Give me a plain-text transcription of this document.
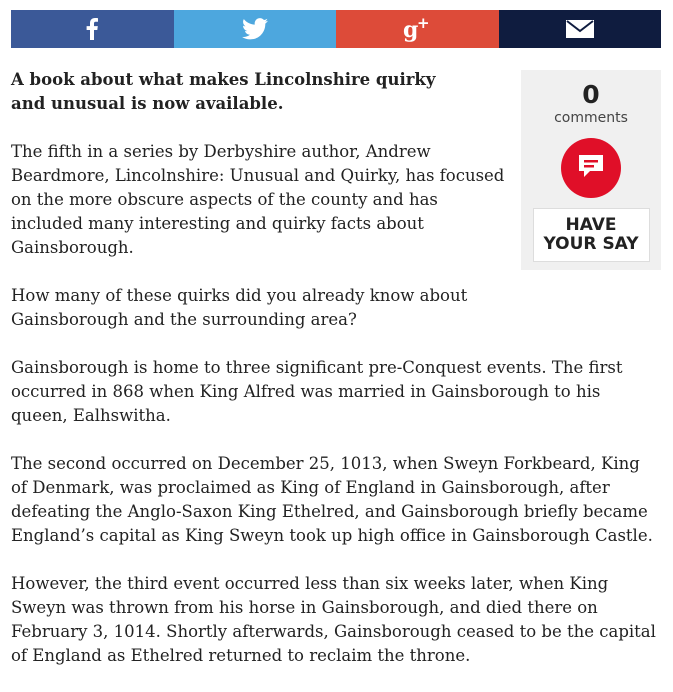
g
+
0
comments
HAVE
YOUR SAY

A book about what makes Lincolnshire quirky and unusual is now available.

The fifth in a series by Derbyshire author, Andrew Beardmore, Lincolnshire: Unusual and Quirky, has focused on the more obscure aspects of the county and has included many interesting and quirky facts about Gainsborough.

How many of these quirks did you already know about Gainsborough and the surrounding area?

Gainsborough is home to three significant pre-Conquest events. The first occurred in 868 when King Alfred was married in Gainsborough to his queen, Ealhswitha.

The second occurred on December 25, 1013, when Sweyn Forkbeard, King of Denmark, was proclaimed as King of England in Gainsborough, after defeating the Anglo-Saxon King Ethelred, and Gainsborough briefly became England’s capital as King Sweyn took up high office in Gainsborough Castle.

However, the third event occurred less than six weeks later, when King Sweyn was thrown from his horse in Gainsborough, and died there on February 3, 1014. Shortly afterwards, Gainsborough ceased to be the capital of England as Ethelred returned to reclaim the throne.
